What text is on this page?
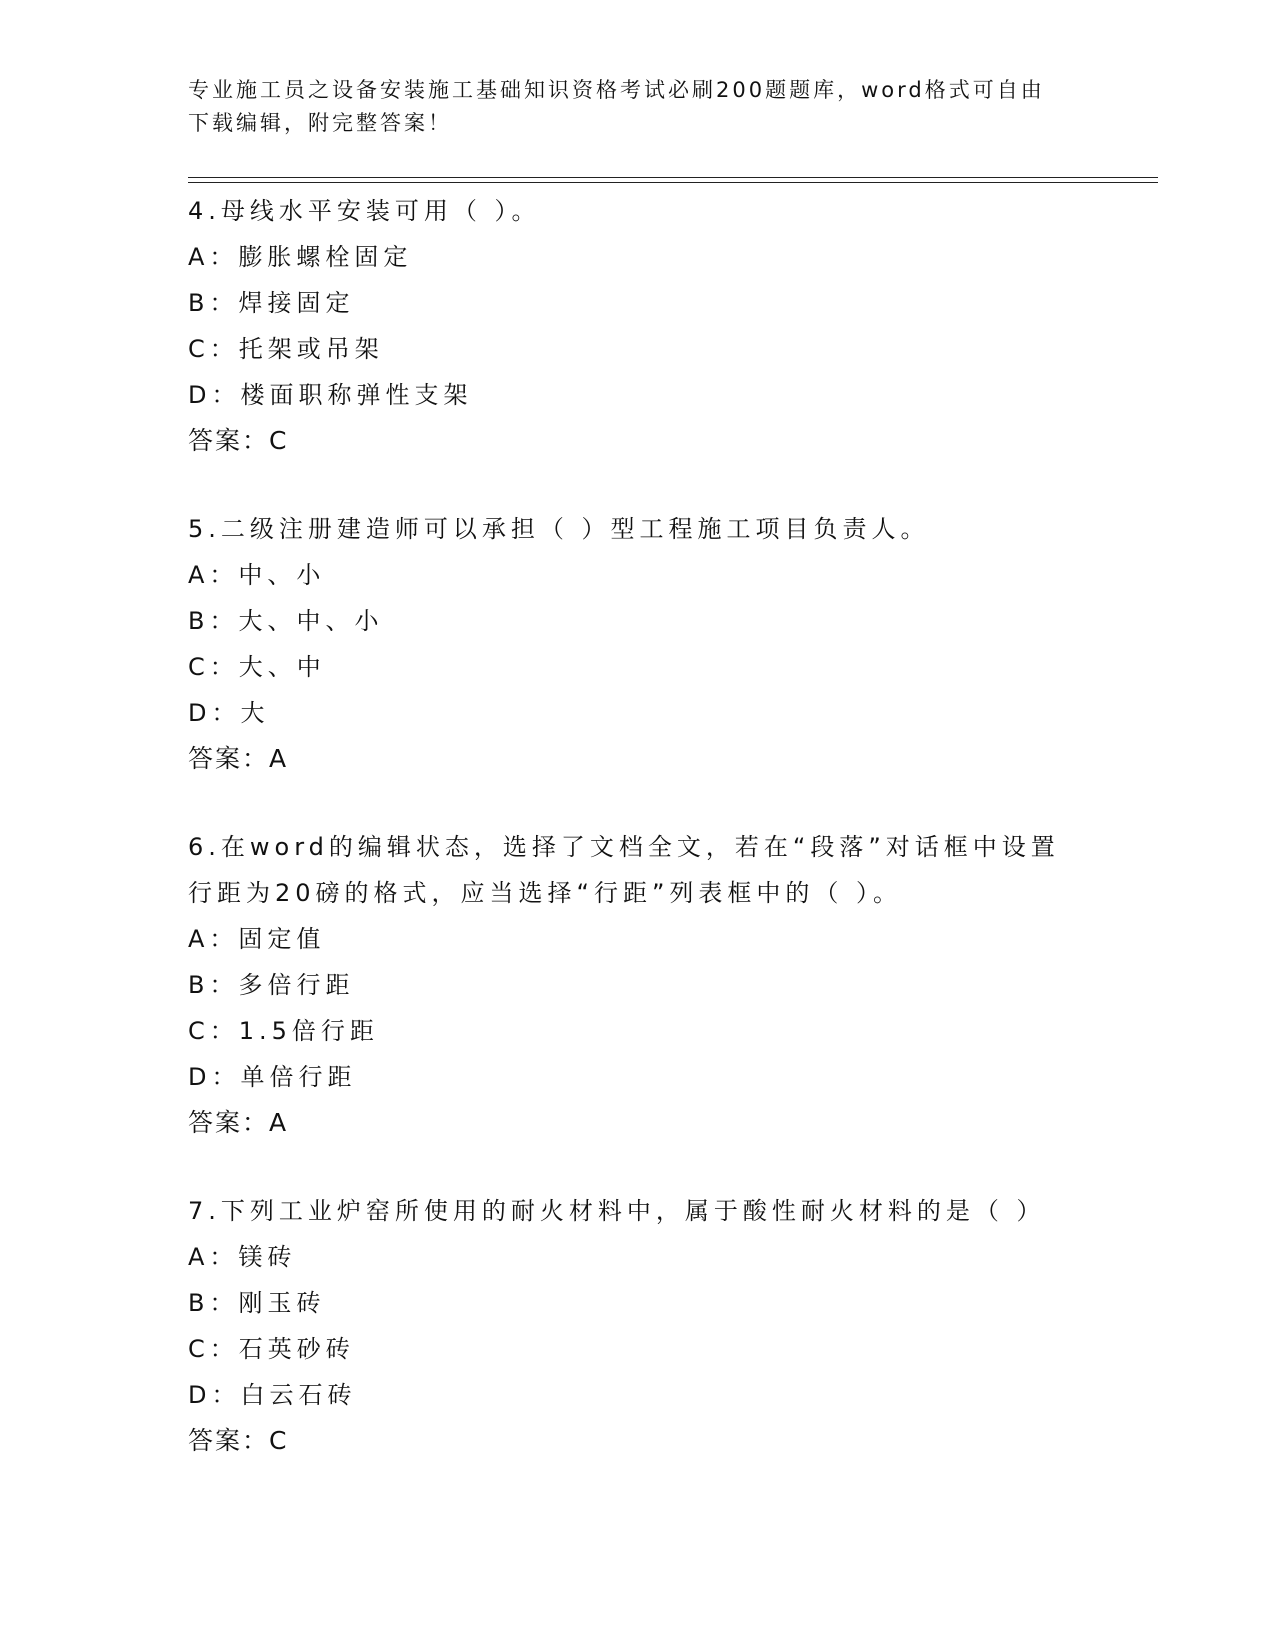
专业施工员之设备安装施工基础知识资格考试必刷200题题库，word格式可自由下载编辑，附完整答案！
4.母线水平安装可用（ ）。
A：膨胀螺栓固定
B：焊接固定
C：托架或吊架
D：楼面职称弹性支架
答案：C
5.二级注册建造师可以承担（ ）型工程施工项目负责人。
A：中、小
B：大、中、小
C：大、中
D：大
答案：A
6.在word的编辑状态，选择了文档全文，若在“段落”对话框中设置
行距为20磅的格式，应当选择“行距”列表框中的（ ）。
A：固定值
B：多倍行距
C：1.5倍行距
D：单倍行距
答案：A
7.下列工业炉窑所使用的耐火材料中，属于酸性耐火材料的是（ ）
A：镁砖
B：刚玉砖
C：石英砂砖
D：白云石砖
答案：C
